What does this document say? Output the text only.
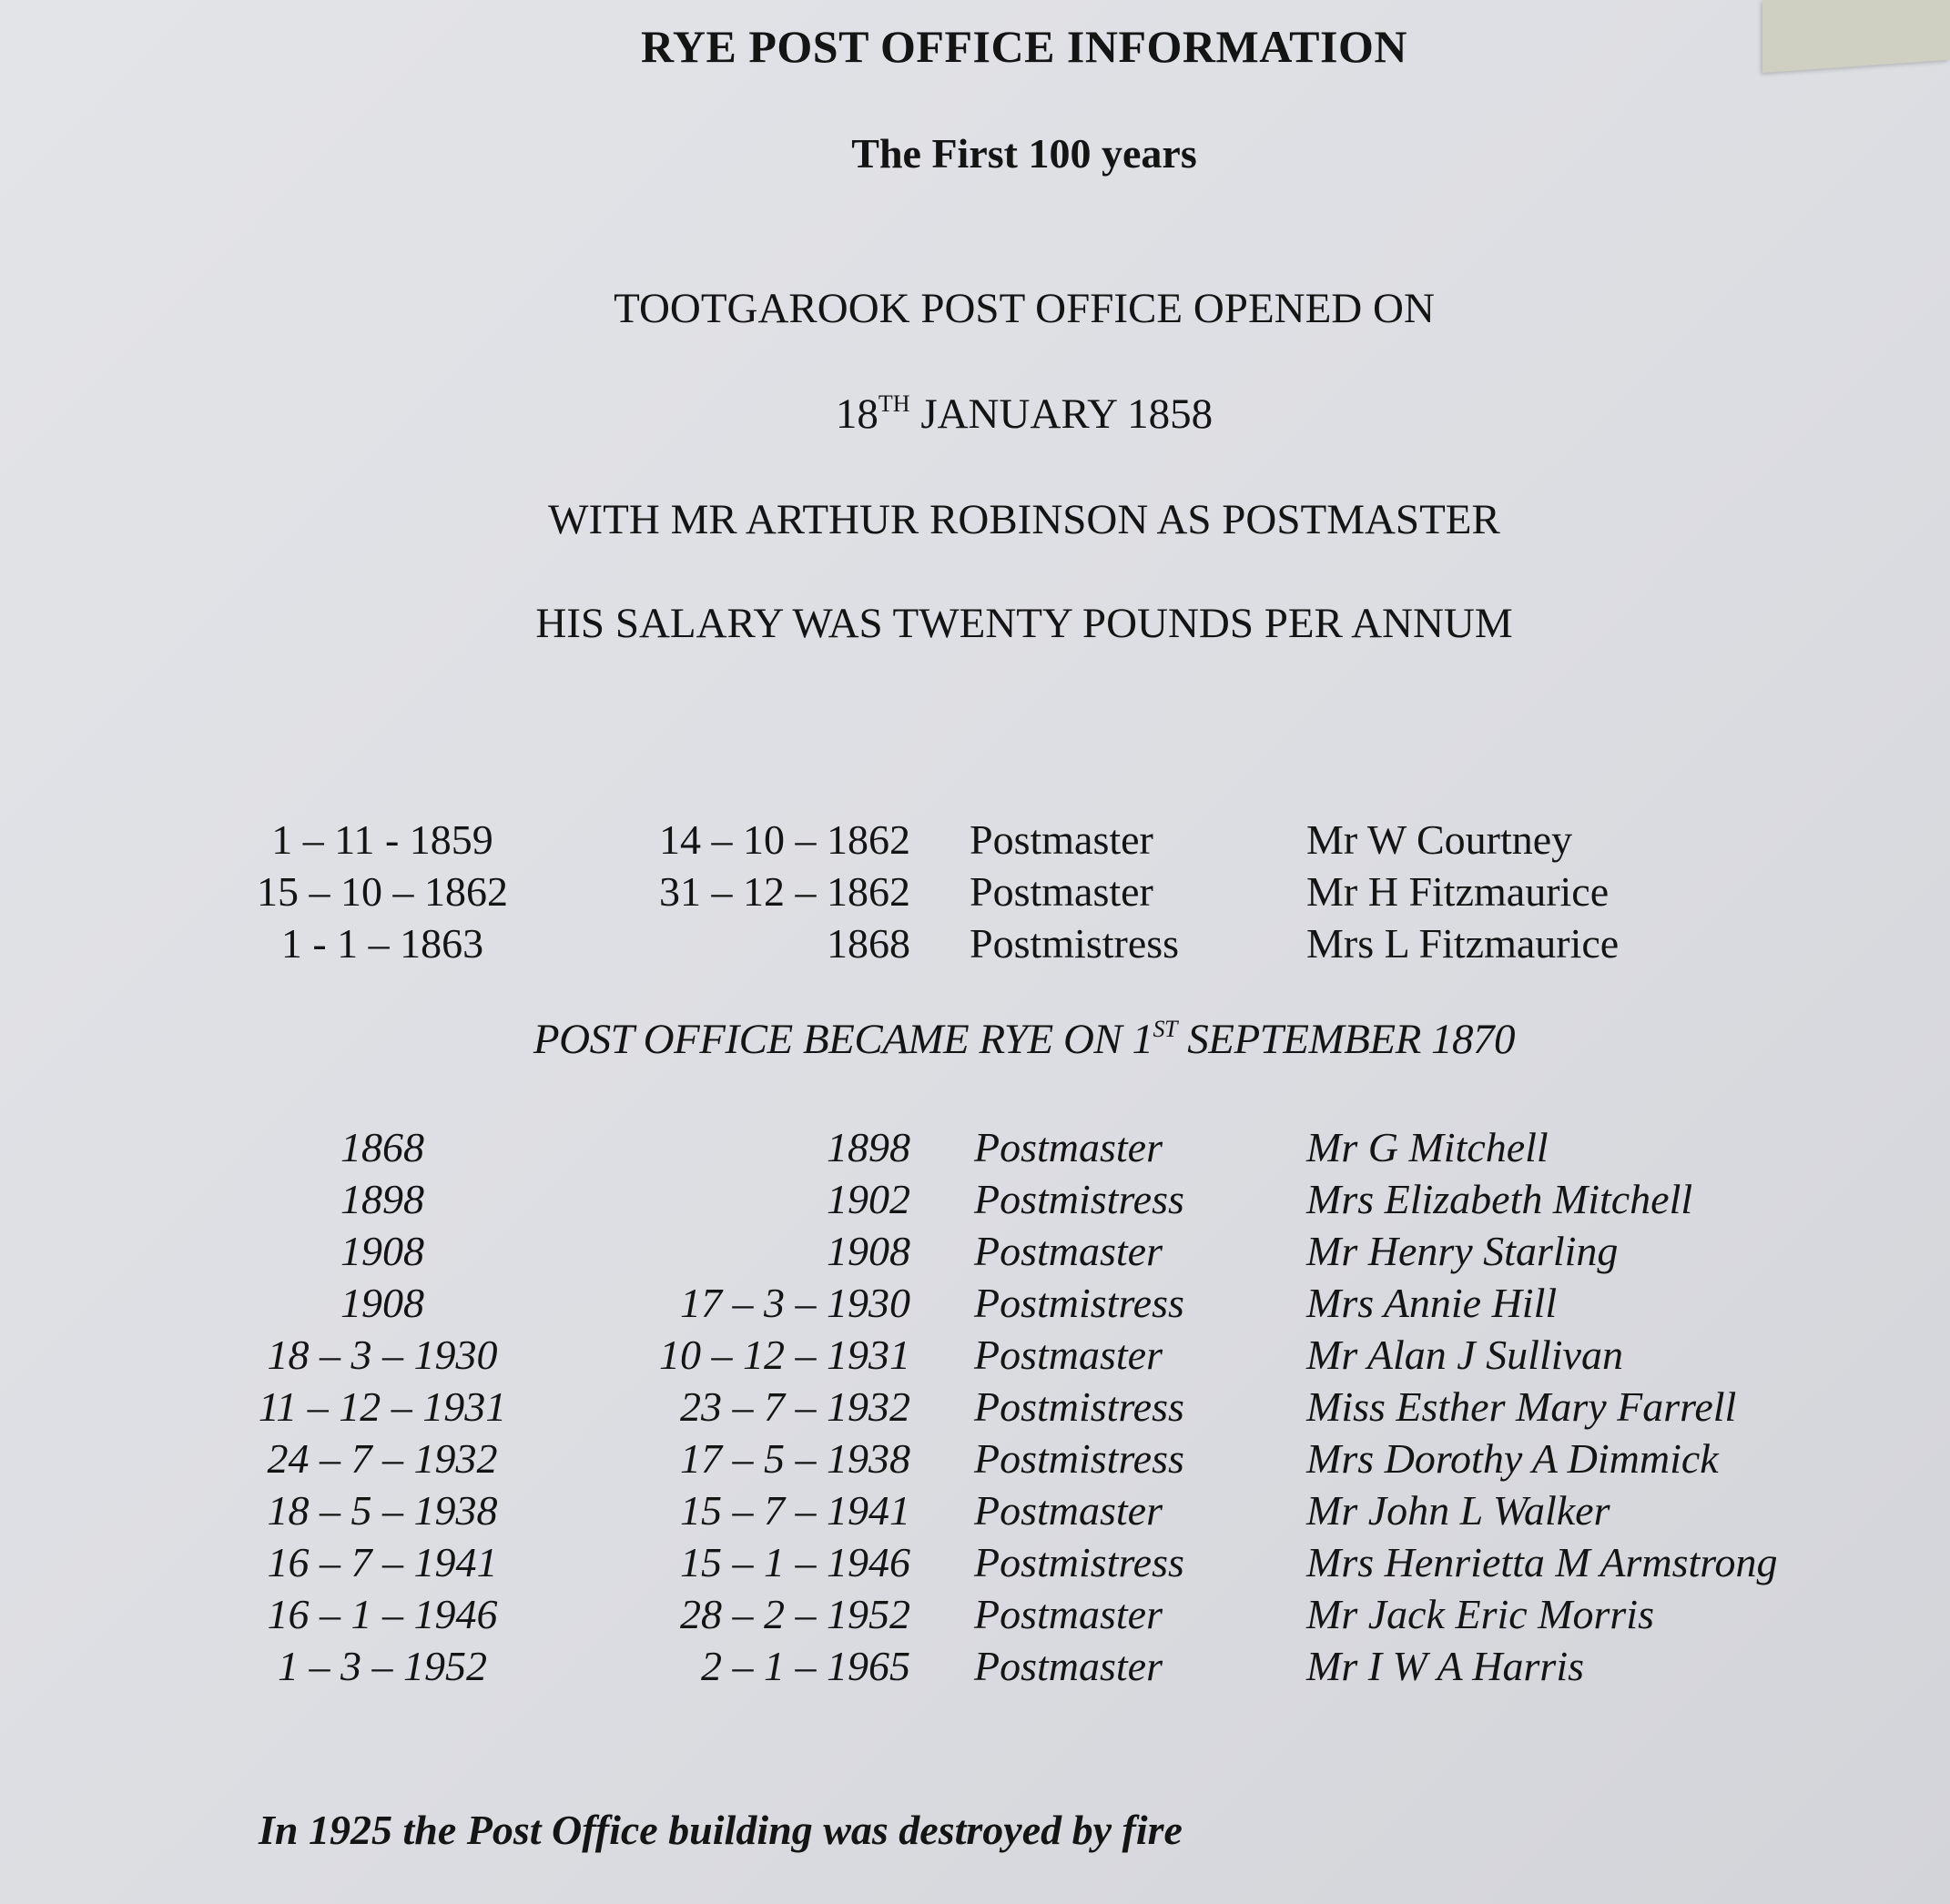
RYE POST OFFICE INFORMATION
The First 100 years
TOOTGAROOK POST OFFICE OPENED ON
18TH JANUARY 1858
WITH MR ARTHUR ROBINSON AS POSTMASTER
HIS SALARY WAS TWENTY POUNDS PER ANNUM
1 – 11 - 1859	14 – 10 – 1862 Postmaster	Mr W Courtney
15 – 10 – 1862	31 – 12 – 1862 Postmaster	Mr H Fitzmaurice
1 - 1 – 1863	1868 Postmistress	Mrs L Fitzmaurice
POST OFFICE BECAME RYE ON 1ST SEPTEMBER 1870
1868	1898 Postmaster	Mr G Mitchell
1898	1902 Postmistress	Mrs Elizabeth Mitchell
1908	1908 Postmaster	Mr Henry Starling
1908	17 – 3 – 1930 Postmistress	Mrs Annie Hill
18 – 3 – 1930	10 – 12 – 1931 Postmaster	Mr Alan J Sullivan
11 – 12 – 1931	23 – 7 – 1932 Postmistress	Miss Esther Mary Farrell
24 – 7 – 1932	17 – 5 – 1938 Postmistress	Mrs Dorothy A Dimmick
18 – 5 – 1938	15 – 7 – 1941 Postmaster	Mr John L Walker
16 – 7 – 1941	15 – 1 – 1946 Postmistress	Mrs Henrietta M Armstrong
16 – 1 – 1946	28 – 2 – 1952 Postmaster	Mr Jack Eric Morris
1 – 3 – 1952	2 – 1 – 1965 Postmaster	Mr I W A Harris
In 1925 the Post Office building was destroyed by fire
